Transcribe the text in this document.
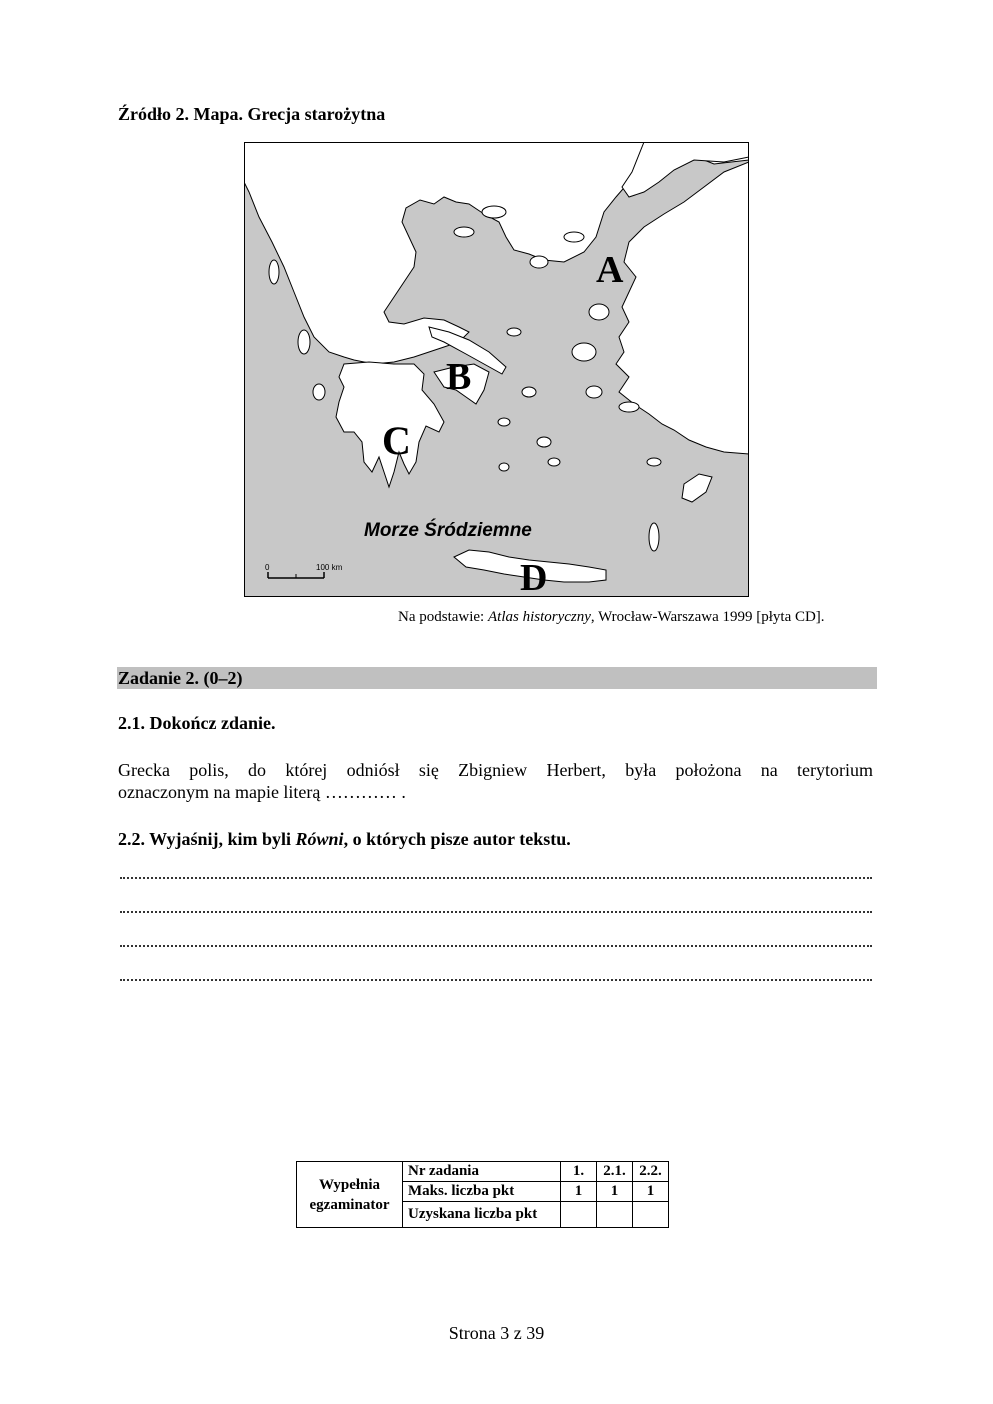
Źródło 2. Mapa. Grecja starożytna
A
B
C
D
Morze Śródziemne
0	100 km
Na podstawie: Atlas historyczny, Wrocław-Warszawa 1999 [płyta CD].
Zadanie 2. (0–2)
2.1. Dokończ zdanie.
Grecka polis, do której odniósł się Zbigniew Herbert, była położona na terytorium
oznaczonym na mapie literą ………… .
2.2. Wyjaśnij, kim byli Równi, o których pisze autor tekstu.
Wypełnia
egzaminator	Nr zadania	1.	2.1.	2.2.
	Maks. liczba pkt	1	1	1
	Uzyskana liczba pkt			
Strona 3 z 39
